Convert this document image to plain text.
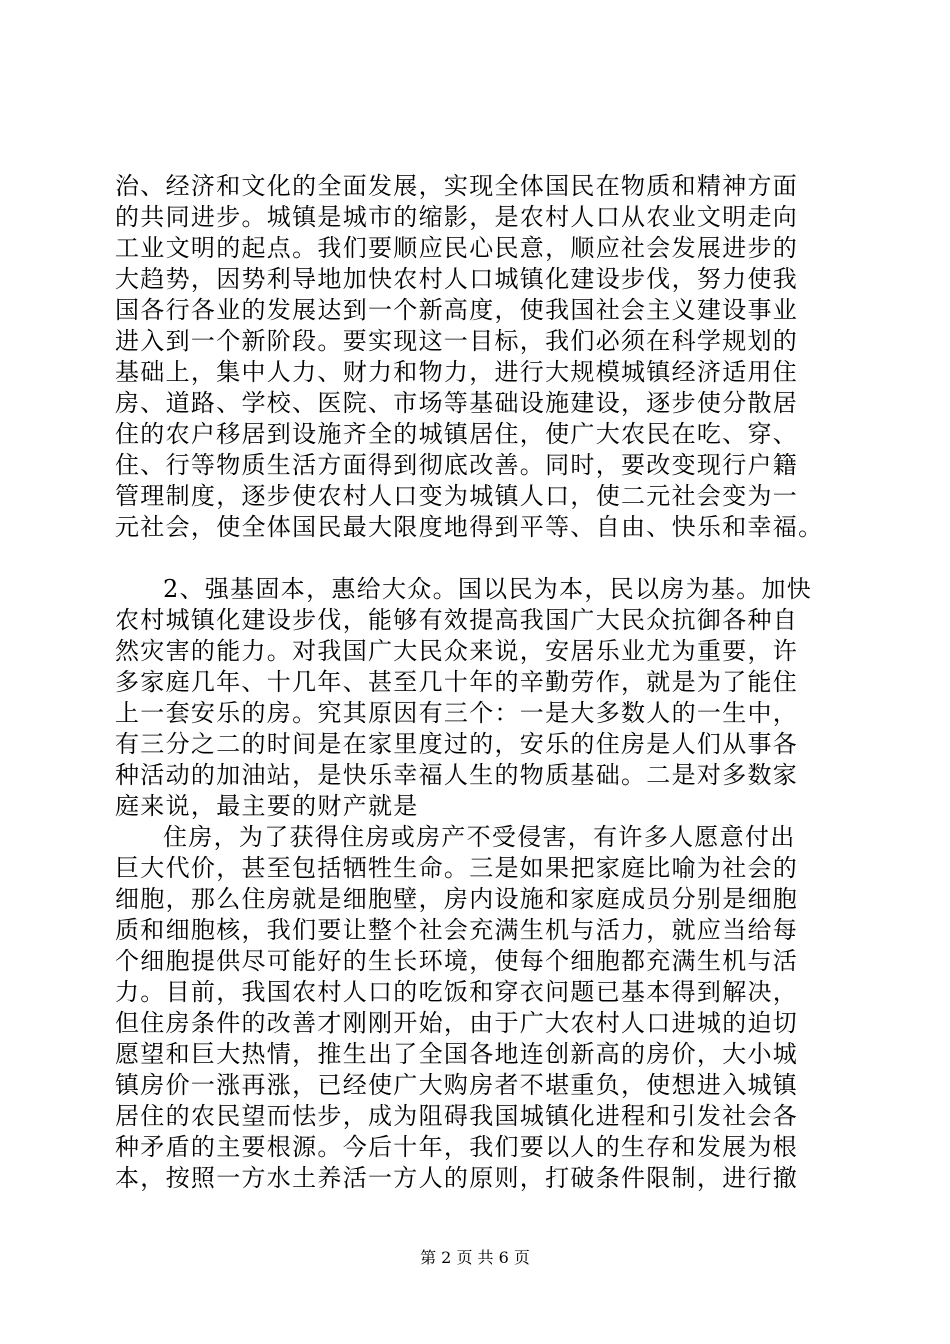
治、经济和文化的全面发展，实现全体国民在物质和精神方面
的共同进步。城镇是城市的缩影，是农村人口从农业文明走向
工业文明的起点。我们要顺应民心民意，顺应社会发展进步的
大趋势，因势利导地加快农村人口城镇化建设步伐，努力使我
国各行各业的发展达到一个新高度，使我国社会主义建设事业
进入到一个新阶段。要实现这一目标，我们必须在科学规划的
基础上，集中人力、财力和物力，进行大规模城镇经济适用住
房、道路、学校、医院、市场等基础设施建设，逐步使分散居
住的农户移居到设施齐全的城镇居住，使广大农民在吃、穿、
住、行等物质生活方面得到彻底改善。同时，要改变现行户籍
管理制度，逐步使农村人口变为城镇人口，使二元社会变为一
元社会，使全体国民最大限度地得到平等、自由、快乐和幸福。
2、强基固本，惠给大众。国以民为本，民以房为基。加快
农村城镇化建设步伐，能够有效提高我国广大民众抗御各种自
然灾害的能力。对我国广大民众来说，安居乐业尤为重要，许
多家庭几年、十几年、甚至几十年的辛勤劳作，就是为了能住
上一套安乐的房。究其原因有三个：一是大多数人的一生中，
有三分之二的时间是在家里度过的，安乐的住房是人们从事各
种活动的加油站，是快乐幸福人生的物质基础。二是对多数家
庭来说，最主要的财产就是
住房，为了获得住房或房产不受侵害，有许多人愿意付出
巨大代价，甚至包括牺牲生命。三是如果把家庭比喻为社会的
细胞，那么住房就是细胞壁，房内设施和家庭成员分别是细胞
质和细胞核，我们要让整个社会充满生机与活力，就应当给每
个细胞提供尽可能好的生长环境，使每个细胞都充满生机与活
力。目前，我国农村人口的吃饭和穿衣问题已基本得到解决，
但住房条件的改善才刚刚开始，由于广大农村人口进城的迫切
愿望和巨大热情，推生出了全国各地连创新高的房价，大小城
镇房价一涨再涨，已经使广大购房者不堪重负，使想进入城镇
居住的农民望而怯步，成为阻碍我国城镇化进程和引发社会各
种矛盾的主要根源。今后十年，我们要以人的生存和发展为根
本，按照一方水土养活一方人的原则，打破条件限制，进行撤
第 2 页 共 6 页
